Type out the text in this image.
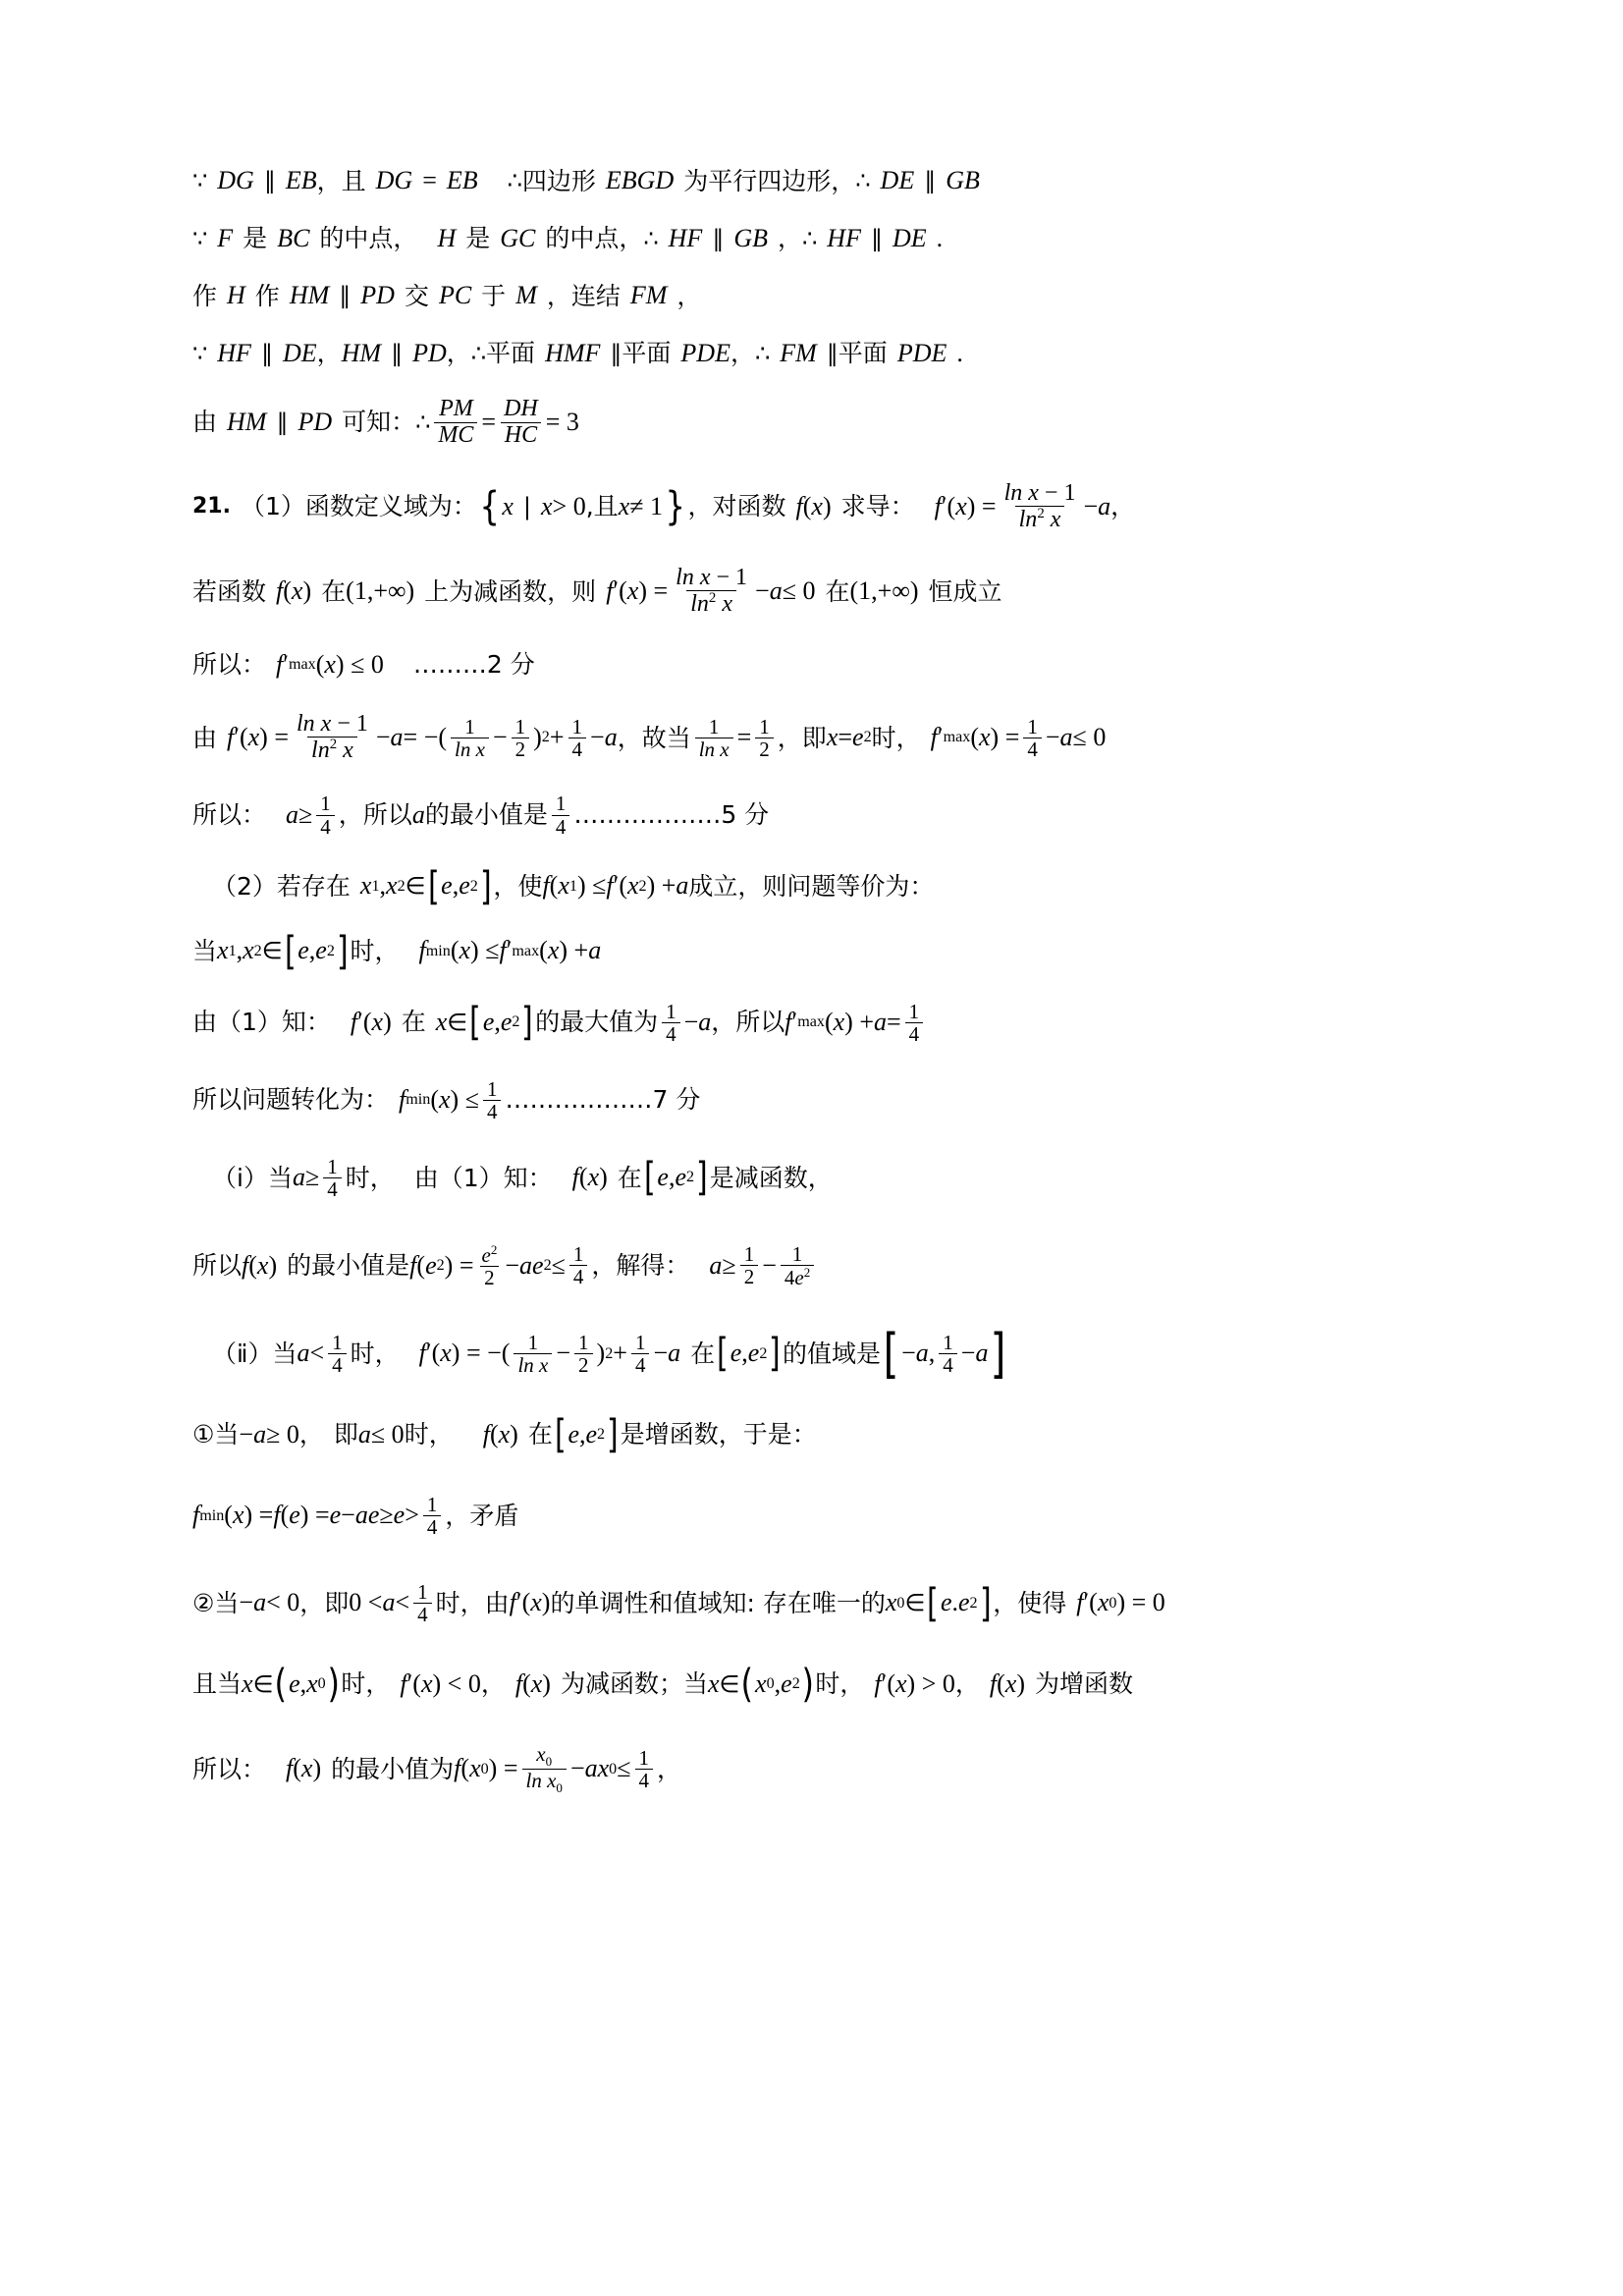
∵ DG ∥ EB ，且 DG = EB ∴ 四边形 EBGD 为平行四边形， ∴ DE ∥ GB
∵ F 是 BC 的中点， H 是 GC 的中点， ∴ HF ∥ GB ， ∴ HF ∥ DE .
作 H 作 HM ∥ PD 交 PC 于 M ，连结 FM ，
∵ HF ∥ DE ， HM ∥ PD ， ∴ 平面 HMF ∥ 平面 PDE ， ∴ FM ∥ 平面 PDE .
由 HM ∥ PD 可知： ∴ $\frac{PM}{MC} = \frac{DH}{HC} = 3$
21. （1） 函数定义域为： { x | x > 0 , 且 x ≠ 1 } ，对函数 f ( x ) 求导： f ′( x ) = $\frac{\text{ln x − 1}}{\ln^2 x} - a$ ，
若函数 f ( x ) 在 (1,+∞) 上为减函数，则 f ′( x ) = $\frac{\text{ln x − 1}}{\ln^2 x} - a \le 0$ 在 (1,+∞) 恒成立
所以： f ′ max ( x ) ≤ 0 ………2 分
由 f ′( x ) = $\frac{\text{ln x − 1}}{\ln^2 x} - a$ = −( $\frac{1}{\text{ln x}} - \frac{1}{2}$ ) $2 + \frac{1}{4} - a$ ，故当 $\frac{1}{\text{ln x}} = \frac{1}{2}$ ，即 x = e 2 时， f ′ max ( x ) = $\frac{1}{4} - a \le 0$
所以： $a \ge \frac{1}{4}$ ，所以 a 的最小值是 $\frac{1}{4}$ ………………5 分
（2） 若存在 x 1 , x 2 ∈ [ e , e 2 ] ，使 f ( x 1 ) ≤ f ′( x 2 ) + a 成立，则问题等价为：
当 x 1 , x 2 ∈ [ e , e 2 ] 时， f min ( x ) ≤ f ′ max ( x ) + a
由 （1）知： f ′( x ) 在 x ∈ [ e , e 2 ] 的最大值为 $\frac{1}{4} - a$ ，所以 f ′ max ( x ) + $a = \frac{1}{4}$
所以问题转化为： f min ( x ) ≤ $\frac{1}{4}$ ………………7 分
（ⅰ） 当 $a \ge \frac{1}{4}$ 时， 由（1）知： f ( x ) 在 [ e , e 2 ] 是减函数，
所以 f ( x ) 的最小值是 f ( e 2 ) = $\frac{e^2}{2}$ − ae $2 \le \frac{1}{4}$ ，解得： $a \ge \frac{1}{2} - \frac{1}{4e^2}$
（ⅱ） 当 $a < \frac{1}{4}$ 时， f ′( x ) = −( $\frac{1}{\text{ln x}} - \frac{1}{2}$ ) $2 + \frac{1}{4} - a$ 在 [ e , e 2 ] 的值域是 [ − a , $\frac{1}{4} - a$ ]
①当 − a ≥ 0 ， 即 a ≤ 0 时， f ( x ) 在 [ e , e 2 ] 是增函数，于是：
f min ( x ) = f ( e ) = e − ae ≥ $e > \frac{1}{4}$ ，矛盾
②当 − a < 0 ，即 $0 < a < \frac{1}{4}$ 时，由 f ′( x ) 的单调性和值域知: 存在唯一的 x 0 ∈ [ e . e 2 ] ，使得 f ′( x 0 ) = 0
且当 x ∈ ( e , x 0 ) 时， f ′( x ) < 0 ， f ( x ) 为减函数；当 x ∈ ( x 0 , e 2 ) 时， f ′( x ) > 0 ， f ( x ) 为增函数
所以： f ( x ) 的最小值为 f ( x 0 ) = $\frac{x_0}{\ln x_0}$ − ax $0 \le \frac{1}{4}$ ，
